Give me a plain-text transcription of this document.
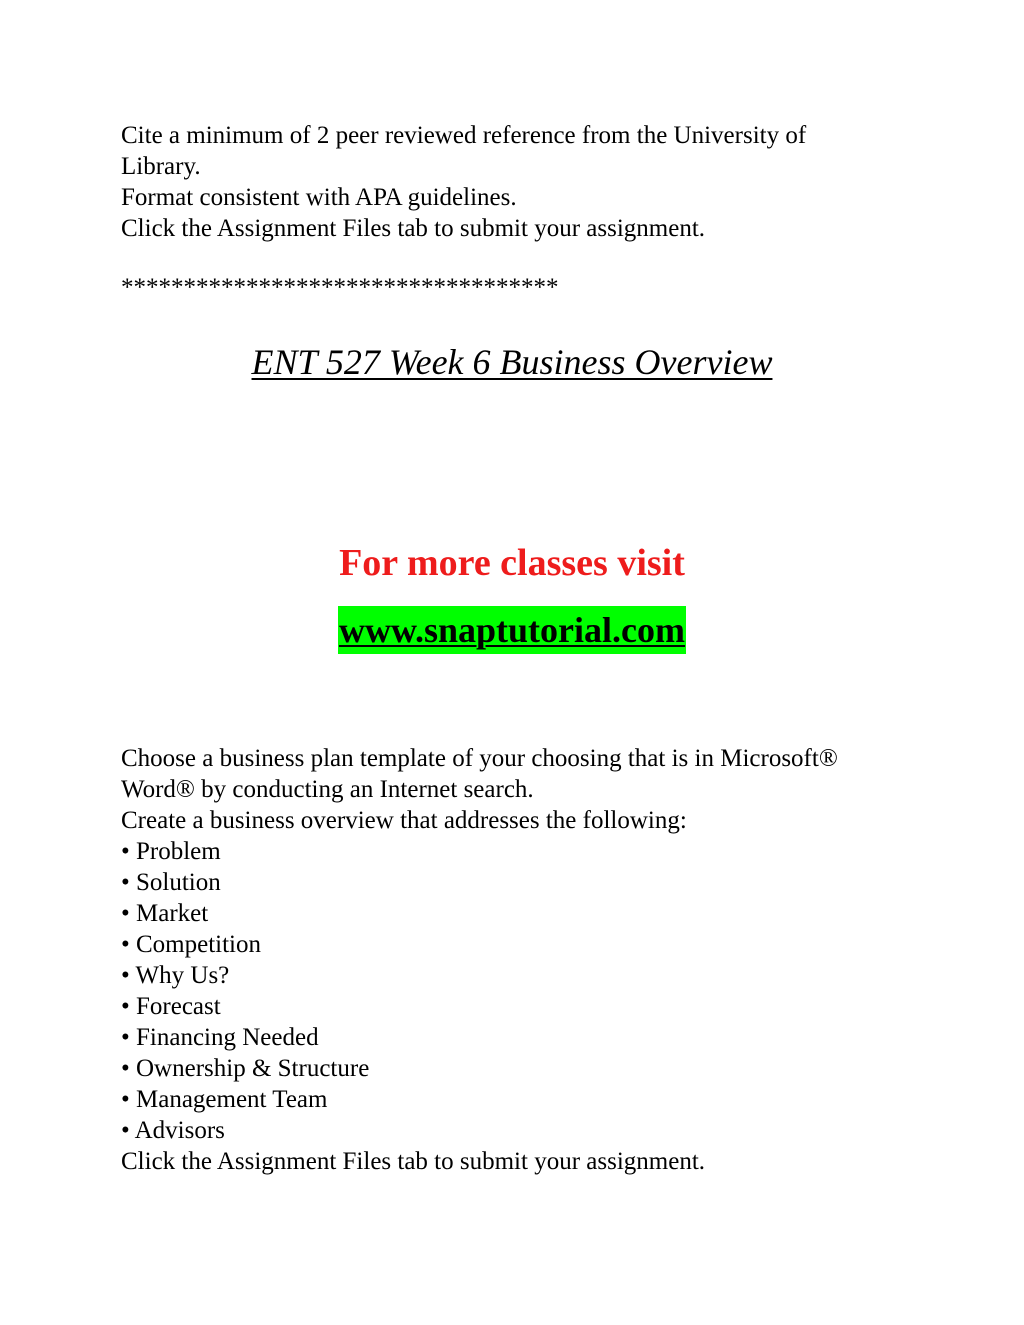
Cite a minimum of 2 peer reviewed reference from the University of
Library.
Format consistent with APA guidelines.
Click the Assignment Files tab to submit your assignment.
***********************************
ENT 527 Week 6 Business Overview
For more classes visit
www.snaptutorial.com
Choose a business plan template of your choosing that is in Microsoft®
Word® by conducting an Internet search.
Create a business overview that addresses the following:
• Problem
• Solution
• Market
• Competition
• Why Us?
• Forecast
• Financing Needed
• Ownership & Structure
• Management Team
• Advisors
Click the Assignment Files tab to submit your assignment.
